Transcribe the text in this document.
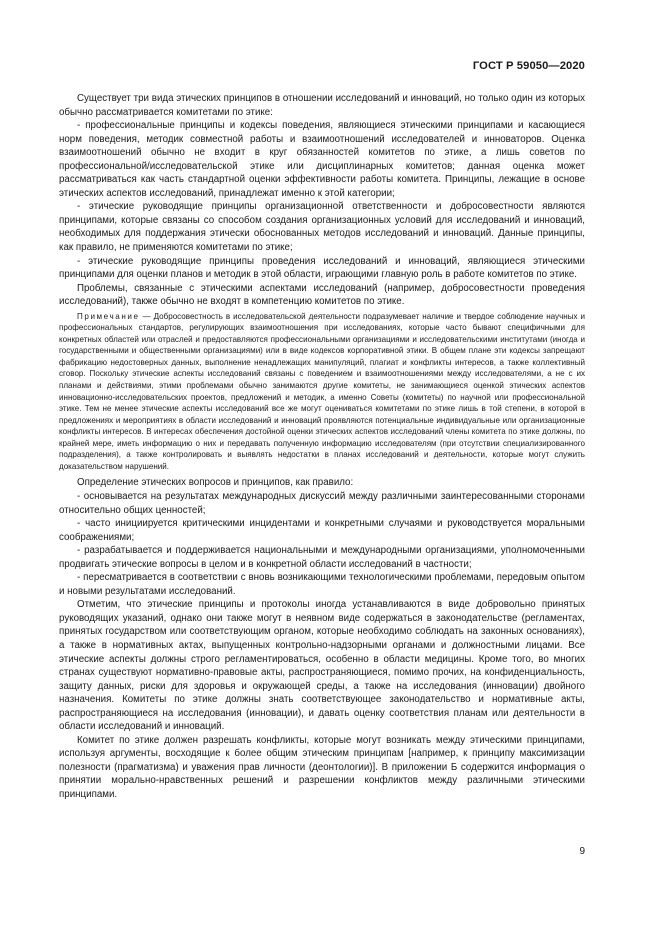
ГОСТ Р 59050—2020

Существует три вида этических принципов в отношении исследований и инноваций, но только один из которых обычно рассматривается комитетами по этике:

- профессиональные принципы и кодексы поведения, являющиеся этическими принципами и касающиеся норм поведения, методик совместной работы и взаимоотношений исследователей и инноваторов. Оценка взаимоотношений обычно не входит в круг обязанностей комитетов по этике, а лишь советов по профессиональной/исследовательской этике или дисциплинарных комитетов; данная оценка может рассматриваться как часть стандартной оценки эффективности работы комитета. Принципы, лежащие в основе этических аспектов исследований, принадлежат именно к этой категории;

- этические руководящие принципы организационной ответственности и добросовестности являются принципами, которые связаны со способом создания организационных условий для исследований и инноваций, необходимых для поддержания этически обоснованных методов исследований и инноваций. Данные принципы, как правило, не применяются комитетами по этике;

- этические руководящие принципы проведения исследований и инноваций, являющиеся этическими принципами для оценки планов и методик в этой области, играющими главную роль в работе комитетов по этике.

Проблемы, связанные с этическими аспектами исследований (например, добросовестности проведения исследований), также обычно не входят в компетенцию комитетов по этике.

Примечание — Добросовестность в исследовательской деятельности подразумевает наличие и твердое соблюдение научных и профессиональных стандартов, регулирующих взаимоотношения при исследованиях, которые часто бывают специфичными для конкретных областей или отраслей и предоставляются профессиональными организациями и исследовательскими институтами (иногда и государственными и общественными организациями) или в виде кодексов корпоративной этики. В общем плане эти кодексы запрещают фабрикацию недостоверных данных, выполнение ненадлежащих манипуляций, плагиат и конфликты интересов, а также коллективный сговор. Поскольку этические аспекты исследований связаны с поведением и взаимоотношениями между исследователями, а не с их планами и действиями, этими проблемами обычно занимаются другие комитеты, не занимающиеся оценкой этических аспектов инновационно-исследовательских проектов, предложений и методик, а именно Советы (комитеты) по научной или профессиональной этике. Тем не менее этические аспекты исследований все же могут оцениваться комитетами по этике лишь в той степени, в которой в предложениях и мероприятиях в области исследований и инноваций проявляются потенциальные индивидуальные или организационные конфликты интересов. В интересах обеспечения достойной оценки этических аспектов исследований члены комитета по этике должны, по крайней мере, иметь информацию о них и передавать полученную информацию исследователям (при отсутствии специализированного подразделения), а также контролировать и выявлять недостатки в планах исследований и деятельности, которые могут служить доказательством нарушений.

Определение этических вопросов и принципов, как правило:

- основывается на результатах международных дискуссий между различными заинтересованными сторонами относительно общих ценностей;

- часто инициируется критическими инцидентами и конкретными случаями и руководствуется моральными соображениями;

- разрабатывается и поддерживается национальными и международными организациями, уполномоченными продвигать этические вопросы в целом и в конкретной области исследований в частности;

- пересматривается в соответствии с вновь возникающими технологическими проблемами, передовым опытом и новыми результатами исследований.

Отметим, что этические принципы и протоколы иногда устанавливаются в виде добровольно принятых руководящих указаний, однако они также могут в неявном виде содержаться в законодательстве (регламентах, принятых государством или соответствующим органом, которые необходимо соблюдать на законных основаниях), а также в нормативных актах, выпущенных контрольно-надзорными органами и должностными лицами. Все этические аспекты должны строго регламентироваться, особенно в области медицины. Кроме того, во многих странах существуют нормативно-правовые акты, распространяющиеся, помимо прочих, на конфиденциальность, защиту данных, риски для здоровья и окружающей среды, а также на исследования (инновации) двойного назначения. Комитеты по этике должны знать соответствующее законодательство и нормативные акты, распространяющиеся на исследования (инновации), и давать оценку соответствия планам или деятельности в области исследований и инноваций.

Комитет по этике должен разрешать конфликты, которые могут возникать между этическими принципами, используя аргументы, восходящие к более общим этическим принципам [например, к принципу максимизации полезности (прагматизма) и уважения прав личности (деонтологии)]. В приложении Б содержится информация о принятии морально-нравственных решений и разрешении конфликтов между различными этическими принципами.

9
